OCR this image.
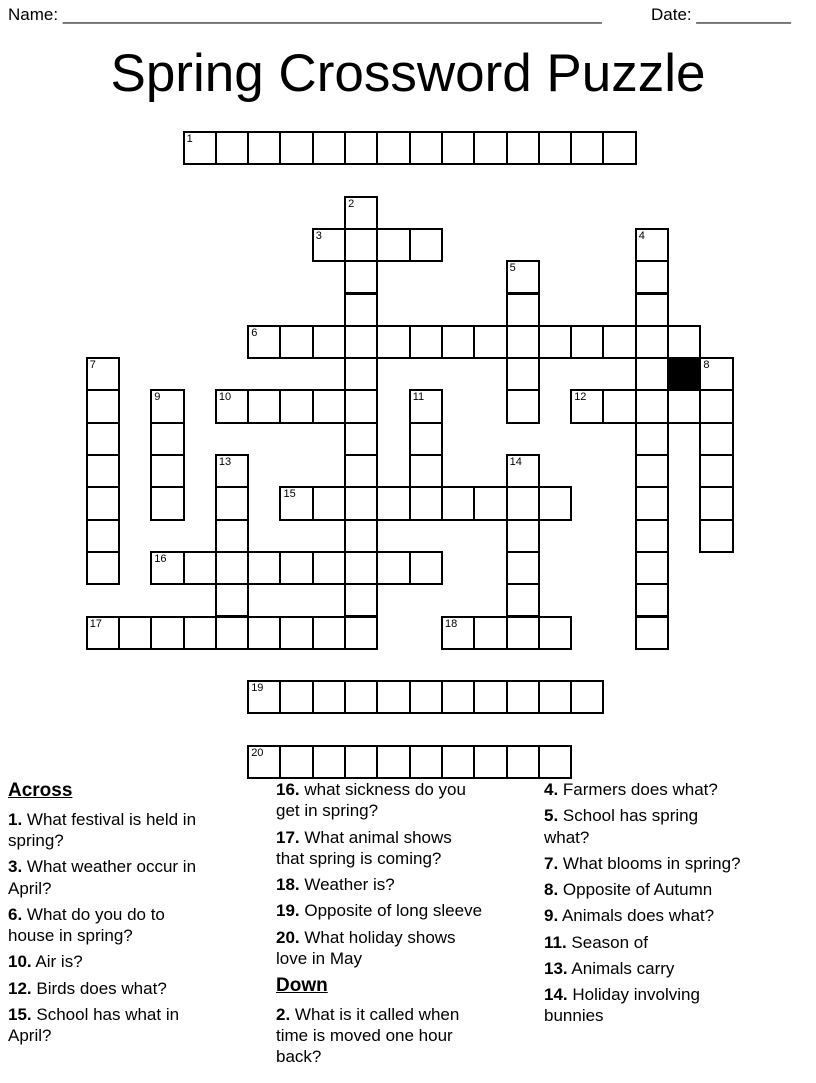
Name: _________________________________________________________	Date: __________
Spring Crossword Puzzle
1
2
3	4
5
6
7	8
9	10	11	12
13	14
15
16
17	18
19
20
Across
1. What festival is held in spring?
3. What weather occur in April?
6. What do you do to house in spring?
10. Air is?
12. Birds does what?
15. School has what in April?
16. what sickness do you get in spring?
17. What animal shows that spring is coming?
18. Weather is?
19. Opposite of long sleeve
20. What holiday shows love in May
Down
2. What is it called when time is moved one hour back?
4. Farmers does what?
5. School has spring what?
7. What blooms in spring?
8. Opposite of Autumn
9. Animals does what?
11. Season of
13. Animals carry
14. Holiday involving bunnies
